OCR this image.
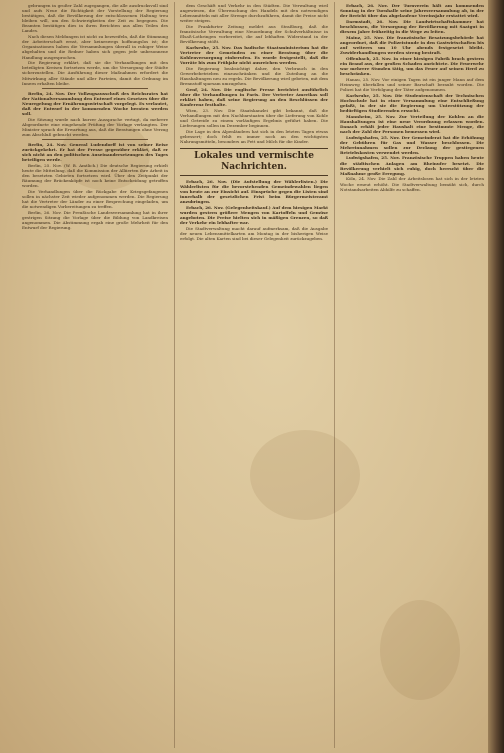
gebrungen in großer Zahl zugegangen, die alle ausdrucksvoll sind und aufs Neue die Richtigkeit der Vorstellung der Regierung bestätigen, daß die Bevölkerung der entschlossenen Haltung treu bleiben will, um den Schwierigkeiten der Zeit zu begegnen. Die Beamten bestätigen dies in ihren Berichten aus allen Teilen des Landes.

Nach diesen Meldungen ist nicht zu bezweifeln, daß die Stimmung der Arbeiterschaft ernst, aber keineswegs hoffnungslos ist; die Organisationen haben die Versammlungen überall in ruhiger Weise abgehalten und die Redner haben sich gegen jede unbesonnene Handlung ausgesprochen.

Die Regierung erklärt, daß sie die Verhandlungen mit den beteiligten Kreisen fortsetzen werde, um die Versorgung der Städte sicherzustellen. Die Ausführung dieser Maßnahmen erfordert die Mitwirkung aller Stände und aller Parteien, damit die Ordnung im Innern erhalten bleibe.

Berlin, 24. Nov. Der Vollzugsausschuß des Reichsrates hat der Nationalversammlung den Entwurf eines Gesetzes über die Neuregelung der Ernährungswirtschaft vorgelegt. Es verlautet, daß der Entwurf in der kommenden Woche beraten werden soll.

Die Sitzung wurde nach kurzer Aussprache vertagt, da mehrere Abgeordnete eine eingehende Prüfung der Vorlage verlangten. Der Minister sprach die Erwartung aus, daß die Beratungen ohne Verzug zum Abschluß gebracht werden.

Berlin, 24. Nov. General Ludendorff ist von seiner Reise zurückgekehrt. Er hat der Presse gegenüber erklärt, daß er sich nicht an den politischen Auseinandersetzungen des Tages beteiligen werde.

Berlin, 25. Nov. (W. B. Amtlich.) Die deutsche Regierung erhielt heute die Mitteilung, daß die Kommission der Alliierten ihre Arbeit in den besetzten Gebieten fortsetzen wird. Über den Zeitpunkt der Räumung der Brückenköpfe ist noch keine Entscheidung getroffen worden.

Die Verhandlungen über die Rückgabe der Kriegsgefangenen sollen in nächster Zeit wieder aufgenommen werden. Die Regierung hat die Vertreter der Länder zu einer Besprechung eingeladen, um die notwendigen Vorbereitungen zu treffen.

Berlin, 26. Nov. Die Preußische Landesversammlung hat in ihrer gestrigen Sitzung die Vorlage über die Bildung von Landkreisen angenommen. Die Abstimmung ergab eine große Mehrheit für den Entwurf der Regierung.

dem Geschäft und Verkehr in den Städten. Die Verwaltung wird angewiesen, die Überwachung des Handels mit den notwendigen Lebensmitteln mit aller Strenge durchzuführen, damit die Preise nicht weiter steigen.

Die Frankfurter Zeitung meldet aus Straßburg, daß die französische Verwaltung eine Neuordnung der Schulverhältnisse in Elsaß-Lothringen vorbereitet, die auf lebhaften Widerstand in der Bevölkerung stößt.

Karlsruhe, 25. Nov. Das badische Staatsministerium hat die Vertreter der Gemeinden zu einer Beratung über die Kohlenversorgung einberufen. Es wurde festgestellt, daß die Vorräte bis zum Frühjahr nicht ausreichen werden.

Die Regierung beabsichtigt daher, den Verbrauch in den Gewerbebetrieben einzuschränken und die Zuteilung an die Haushaltungen neu zu regeln. Die Bevölkerung wird gebeten, mit dem Brennstoff sparsam umzugehen.

Genf, 24. Nov. Die englische Presse berichtet ausführlich über die Verhandlungen in Paris. Der Vertreter Amerikas soll erklärt haben, daß seine Regierung an den Beschlüssen der Konferenz festhalte.

Wien, 23. Nov. Die Staatskanzlei gibt bekannt, daß die Verhandlungen mit den Nachbarstaaten über die Lieferung von Kohle und Getreide zu einem vorläufigen Ergebnis geführt haben. Die Lieferungen sollen im Dezember beginnen.

Die Lage in den Alpenländern hat sich in den letzten Tagen etwas gebessert; doch fehlt es immer noch an den wichtigsten Nahrungsmitteln, besonders an Fett und Milch für die Kinder.

Lokales und vermischte Nachrichten.

Erbach, 26. Nov. (Die Aufstellung der Wählerlisten.) Die Wählerlisten für die bevorstehenden Gemeindewahlen liegen von heute an zur Einsicht auf. Einsprüche gegen die Listen sind innerhalb der gesetzlichen Frist beim Bürgermeisteramt anzubringen.

Erbach, 26. Nov. (Gelegenheitskauf.) Auf dem hiesigen Markt wurden gestern größere Mengen von Kartoffeln und Gemüse angeboten. Die Preise hielten sich in mäßigen Grenzen, so daß der Verkehr ein lebhafter war.

Die Stadtverwaltung macht darauf aufmerksam, daß die Ausgabe der neuen Lebensmittelkarten am Montag in der bisherigen Weise erfolgt. Die alten Karten sind bei dieser Gelegenheit zurückzugeben.

Erbach, 26. Nov. Der Turnverein hält am kommenden Sonntag in der Turnhalle seine Jahresversammlung ab, in der der Bericht über das abgelaufene Vereinsjahr erstattet wird.

Darmstadt, 26. Nov. Die Landwirtschaftskammer hat beschlossen, die Versorgung der Bevölkerung mit Saatgut in diesem Jahre frühzeitig in die Wege zu leiten.

Mainz, 25. Nov. Die französische Besatzungsbehörde hat angeordnet, daß die Polizeistunde in den Gastwirtschaften bis auf weiteres um 10 Uhr abends festgesetzt bleibt. Zuwiderhandlungen werden streng bestraft.

Offenbach, 25. Nov. In einer hiesigen Fabrik brach gestern ein Brand aus, der großen Schaden anrichtete. Die Feuerwehr war mehrere Stunden tätig, um das Feuer auf seinen Herd zu beschränken.

Hanau, 25. Nov. Vor einigen Tagen ist ein junger Mann auf dem Heimweg überfallen und seiner Barschaft beraubt worden. Die Polizei hat die Verfolgung der Täter aufgenommen.

Karlsruhe, 25. Nov. Die Studentenschaft der Technischen Hochschule hat in einer Versammlung eine Entschließung gefaßt, in der sie die Regierung um Unterstützung der bedürftigen Studierenden ersucht.

Mannheim, 25. Nov. Zur Verteilung der Kohlen an die Haushaltungen ist eine neue Verordnung erlassen worden. Danach erhält jeder Haushalt eine bestimmte Menge, die nach der Zahl der Personen bemessen wird.

Ludwigshafen, 25. Nov. Der Gemeinderat hat die Erhöhung der Gebühren für Gas und Wasser beschlossen. Die Mehreinnahmen sollen zur Deckung der gestiegenen Betriebskosten verwendet werden.

Ludwigshafen, 25. Nov. Französische Truppen haben heute die städtischen Anlagen am Rheinufer besetzt. Die Bevölkerung verhielt sich ruhig, doch herrscht über die Maßnahme große Erregung.

Köln, 24. Nov. Die Zahl der Arbeitslosen hat sich in der letzten Woche erneut erhöht. Die Stadtverwaltung bemüht sich, durch Notstandsarbeiten Abhilfe zu schaffen.
